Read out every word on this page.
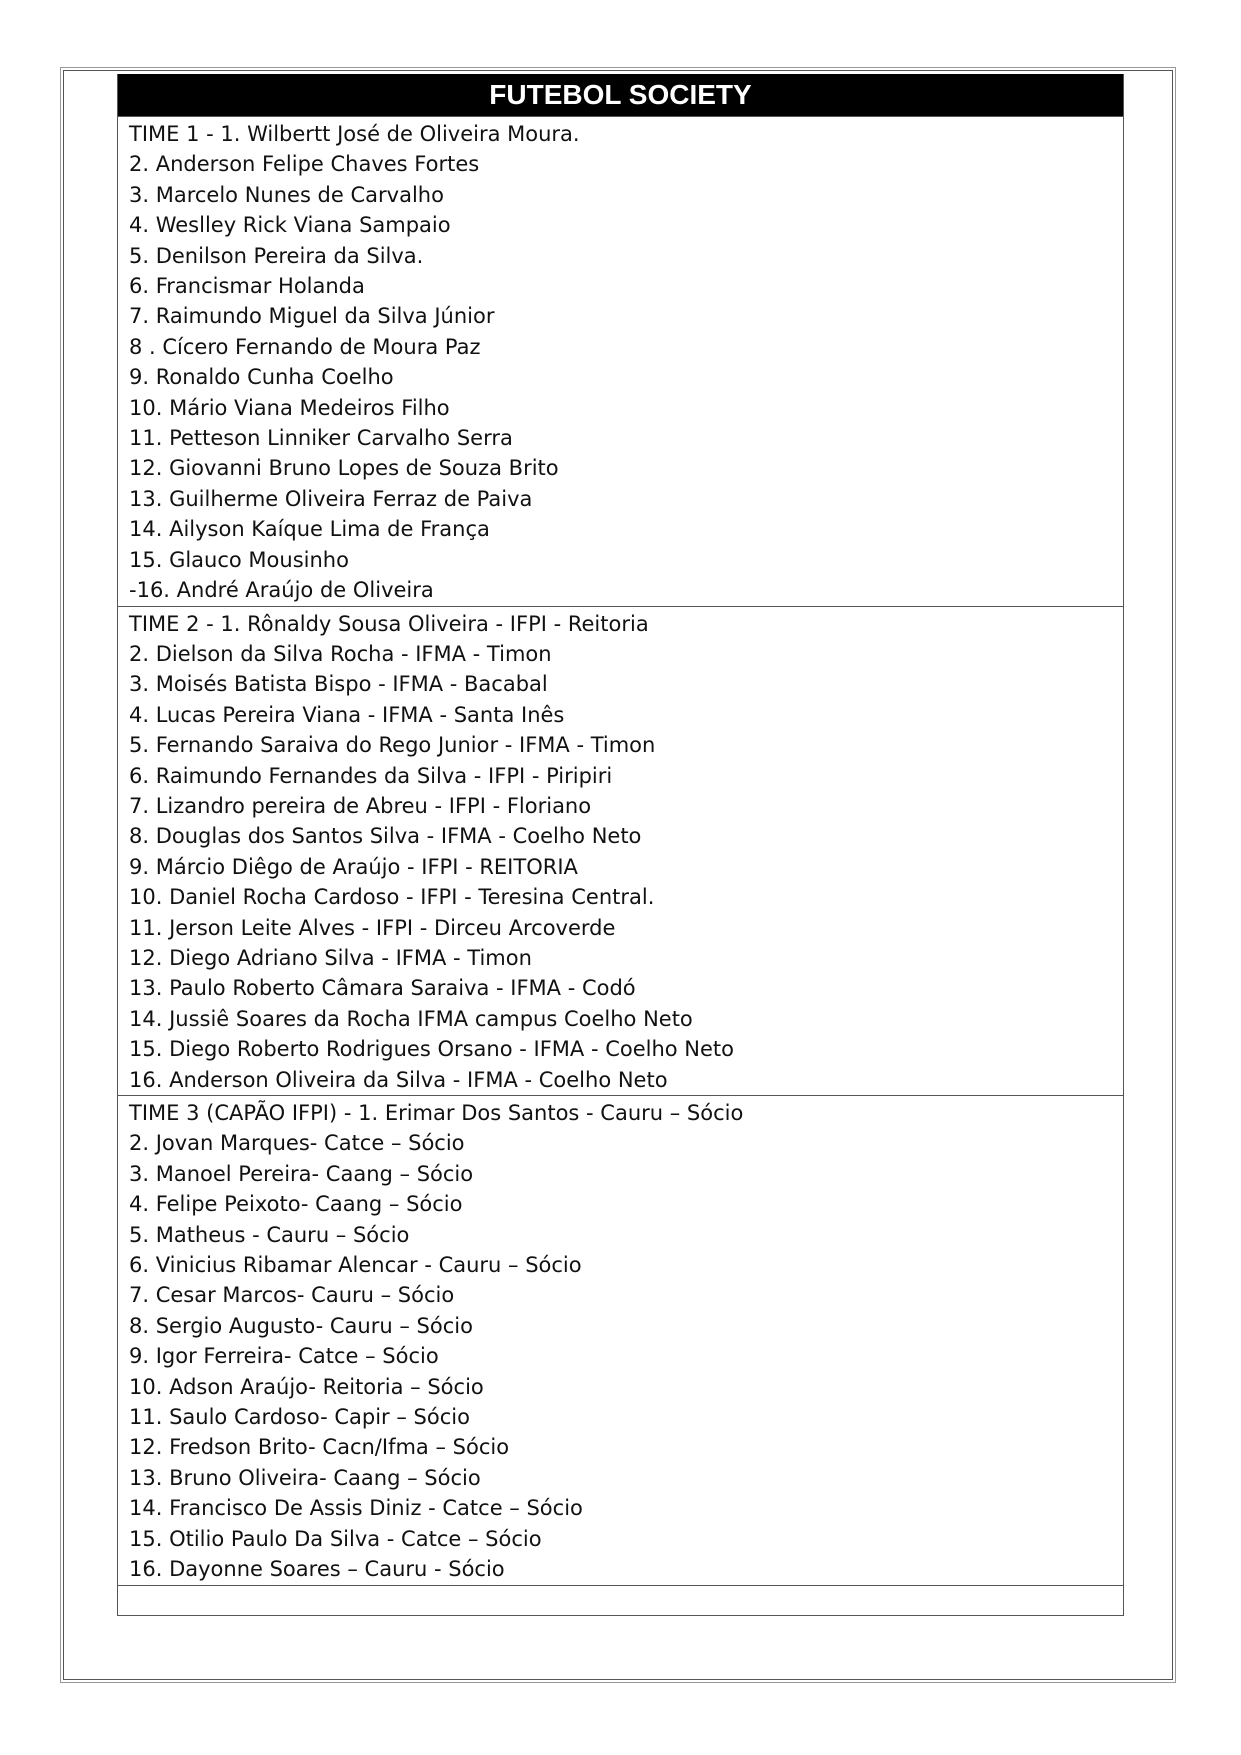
FUTEBOL SOCIETY
TIME 1 - 1. Wilbertt José de Oliveira Moura.
2. Anderson Felipe Chaves Fortes
3. Marcelo Nunes de Carvalho
4. Weslley Rick Viana Sampaio
5. Denilson Pereira da Silva.
6. Francismar Holanda
7. Raimundo Miguel da Silva Júnior
8 . Cícero Fernando de Moura Paz
9. Ronaldo Cunha Coelho
10. Mário Viana Medeiros Filho
11. Petteson Linniker Carvalho Serra
12. Giovanni Bruno Lopes de Souza Brito
13. Guilherme Oliveira Ferraz de Paiva
14. Ailyson Kaíque Lima de França
15. Glauco Mousinho
-16. André Araújo de Oliveira
TIME 2 - 1. Rônaldy Sousa Oliveira - IFPI - Reitoria
2. Dielson da Silva Rocha - IFMA - Timon
3. Moisés Batista Bispo - IFMA - Bacabal
4. Lucas Pereira Viana - IFMA - Santa Inês
5. Fernando Saraiva do Rego Junior - IFMA - Timon
6. Raimundo Fernandes da Silva - IFPI - Piripiri
7. Lizandro pereira de Abreu - IFPI - Floriano
8. Douglas dos Santos Silva - IFMA - Coelho Neto
9. Márcio Diêgo de Araújo - IFPI - REITORIA
10. Daniel Rocha Cardoso - IFPI - Teresina Central.
11. Jerson Leite Alves - IFPI - Dirceu Arcoverde
12. Diego Adriano Silva - IFMA - Timon
13. Paulo Roberto Câmara Saraiva - IFMA - Codó
14. Jussiê Soares da Rocha IFMA campus Coelho Neto
15. Diego Roberto Rodrigues Orsano - IFMA - Coelho Neto
16. Anderson Oliveira da Silva - IFMA - Coelho Neto
TIME 3 (CAPÃO IFPI) - 1. Erimar Dos Santos - Cauru – Sócio
2. Jovan Marques- Catce – Sócio
3. Manoel Pereira- Caang – Sócio
4. Felipe Peixoto- Caang – Sócio
5. Matheus - Cauru – Sócio
6. Vinicius Ribamar Alencar - Cauru – Sócio
7. Cesar Marcos- Cauru – Sócio
8. Sergio Augusto- Cauru – Sócio
9. Igor Ferreira- Catce – Sócio
10. Adson Araújo- Reitoria – Sócio
11. Saulo Cardoso- Capir – Sócio
12. Fredson Brito- Cacn/Ifma – Sócio
13. Bruno Oliveira- Caang – Sócio
14. Francisco De Assis Diniz - Catce – Sócio
15. Otilio Paulo Da Silva - Catce – Sócio
16. Dayonne Soares – Cauru - Sócio
